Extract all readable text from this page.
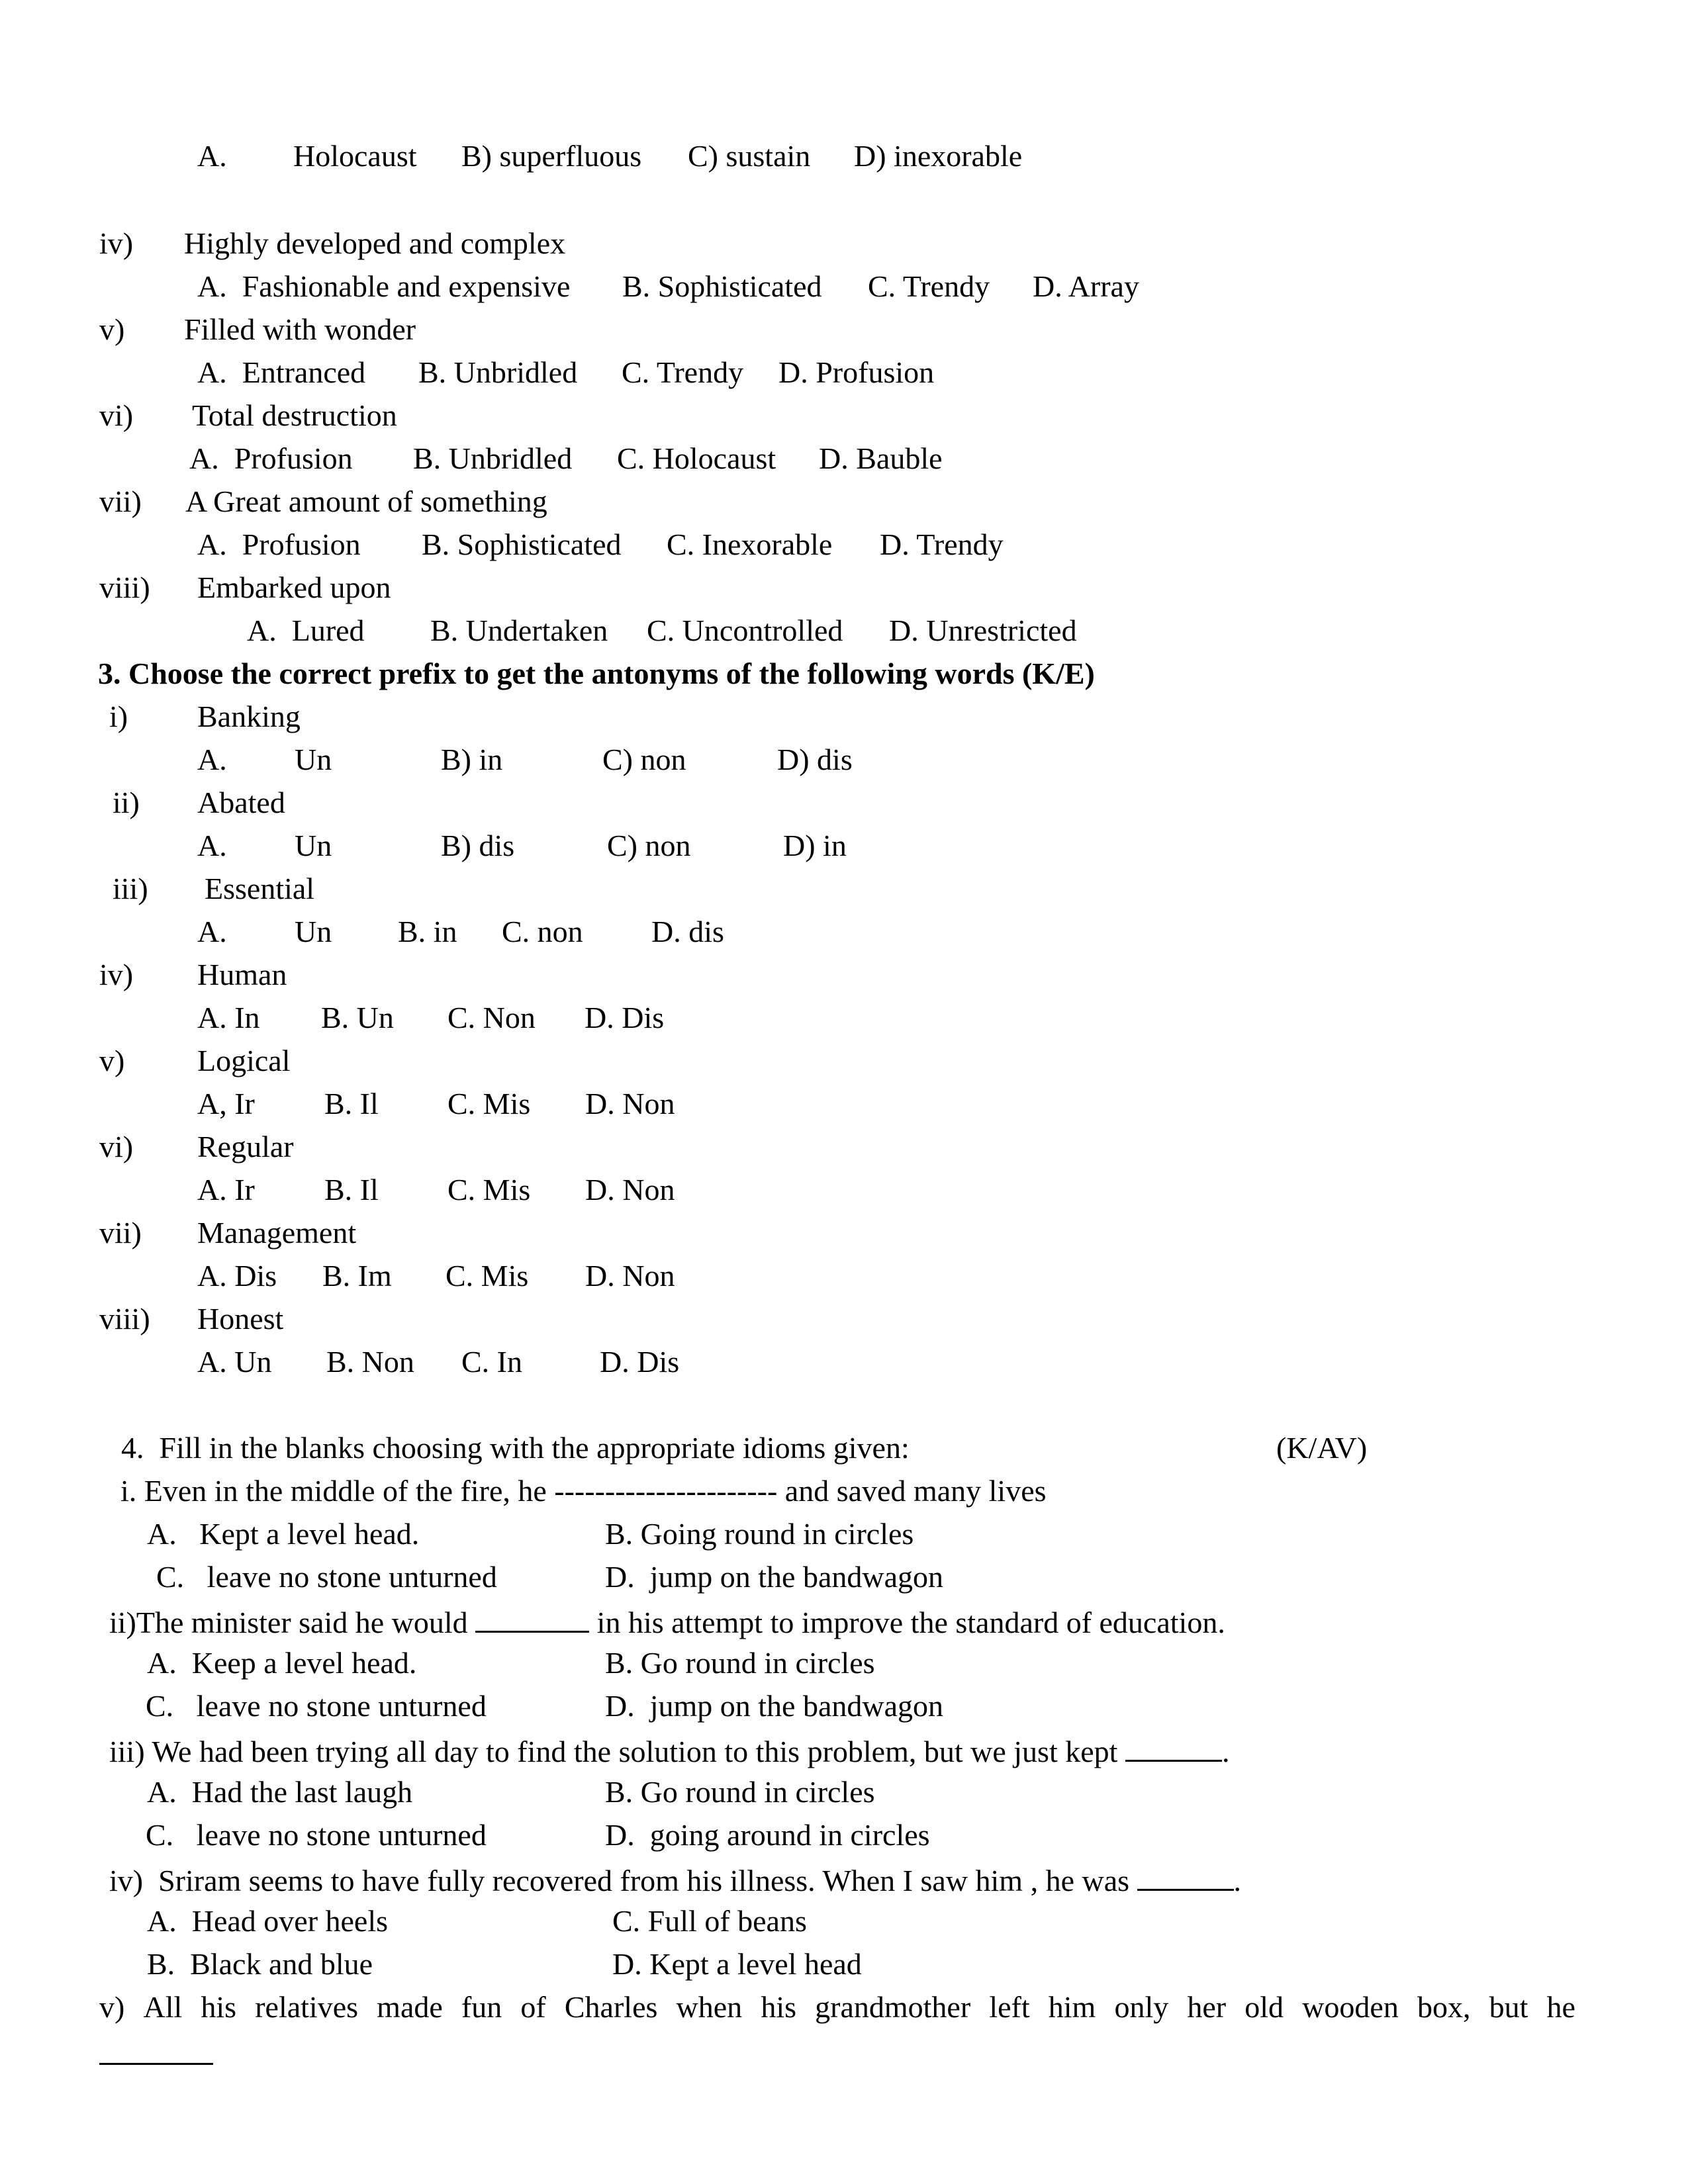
A. Holocaust B) superfluous C) sustain D) inexorable
iv) Highly developed and complex
A.  Fashionable and expensive B. Sophisticated C. Trendy D. Array
v) Filled with wonder
A.  Entranced B. Unbridled C. Trendy D. Profusion
vi) Total destruction
A.  Profusion B. Unbridled C. Holocaust D. Bauble
vii) A Great amount of something
A.  Profusion B. Sophisticated C. Inexorable D. Trendy
viii) Embarked upon
A.  Lured B. Undertaken C. Uncontrolled D. Unrestricted
3. Choose the correct prefix to get the antonyms of the following words (K/E)
i) Banking
A. Un	B) in	C) non	D) dis
ii) Abated
A. Un	B) dis	C) non	D) in
iii) Essential
A. Un B. in C. non D. dis
iv) Human
A. In B. Un C. Non D. Dis
v) Logical
A, Ir B. Il C. Mis D. Non
vi) Regular
A. Ir B. Il C. Mis D. Non
vii) Management
A. Dis B. Im C. Mis D. Non
viii) Honest
A. Un B. Non C. In	D. Dis
4.  Fill in the blanks choosing with the appropriate idioms given:	(K/AV)
i. Even in the middle of the fire, he ---------------------- and saved many lives
A.   Kept a level head.	B. Going round in circles
C.   leave no stone unturned	D.  jump on the bandwagon
ii)The minister said he would	in his attempt to improve the standard of education.
A.  Keep a level head.	B. Go round in circles
C.   leave no stone unturned	D.  jump on the bandwagon
iii) We had been trying all day to find the solution to this problem, but we just kept	.
A.  Had the last laugh	B. Go round in circles
C.   leave no stone unturned	D.  going around in circles
iv)  Sriram seems to have fully recovered from his illness. When I saw him , he was	.
A.  Head over heels	C. Full of beans
B.  Black and blue	D. Kept a level head
v) All his relatives made fun of Charles when his grandmother left him only her old wooden box, but he
